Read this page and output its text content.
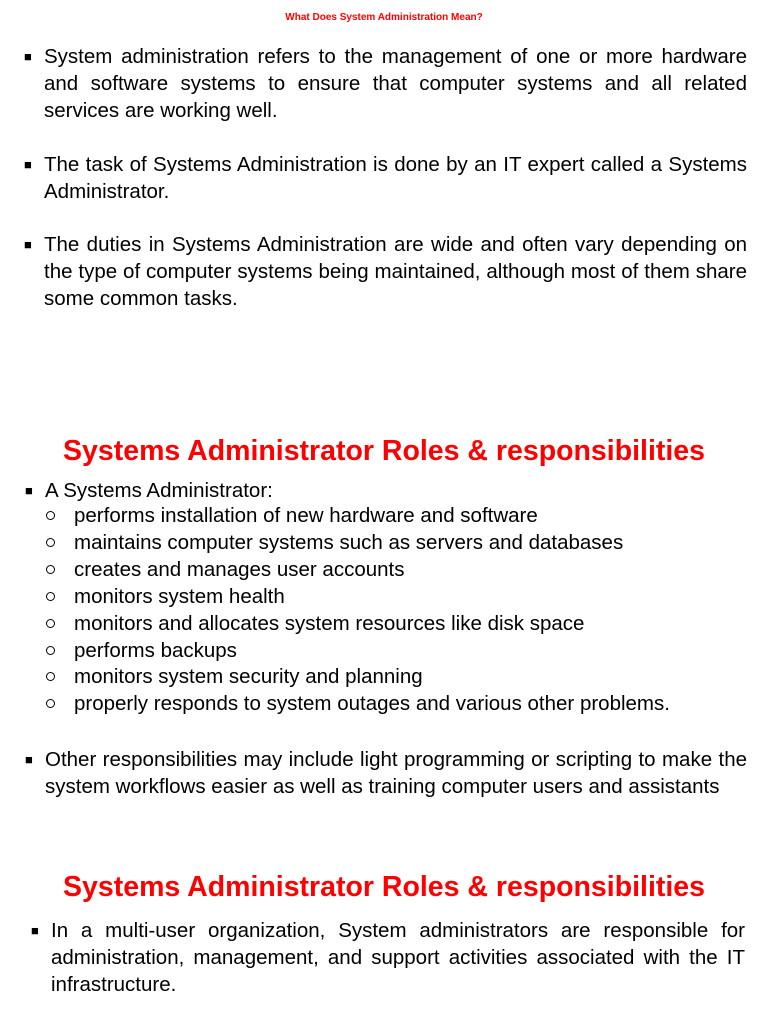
What Does System Administration Mean?
■ System administration refers to the management of one or more hardware and software systems to ensure that computer systems and all related services are working well.
■ The task of Systems Administration is done by an IT expert called a Systems Administrator.
■ The duties in Systems Administration are wide and often vary depending on the type of computer systems being maintained, although most of them share some common tasks.
Systems Administrator Roles & responsibilities
■ A Systems Administrator:
performs installation of new hardware and software
maintains computer systems such as servers and databases
creates and manages user accounts
monitors system health
monitors and allocates system resources like disk space
performs backups
monitors system security and planning
properly responds to system outages and various other problems.
■ Other responsibilities may include light programming or scripting to make the system workflows easier as well as training computer users and assistants
Systems Administrator Roles & responsibilities
■ In a multi-user organization, System administrators are responsible for administration, management, and support activities associated with the IT infrastructure.
